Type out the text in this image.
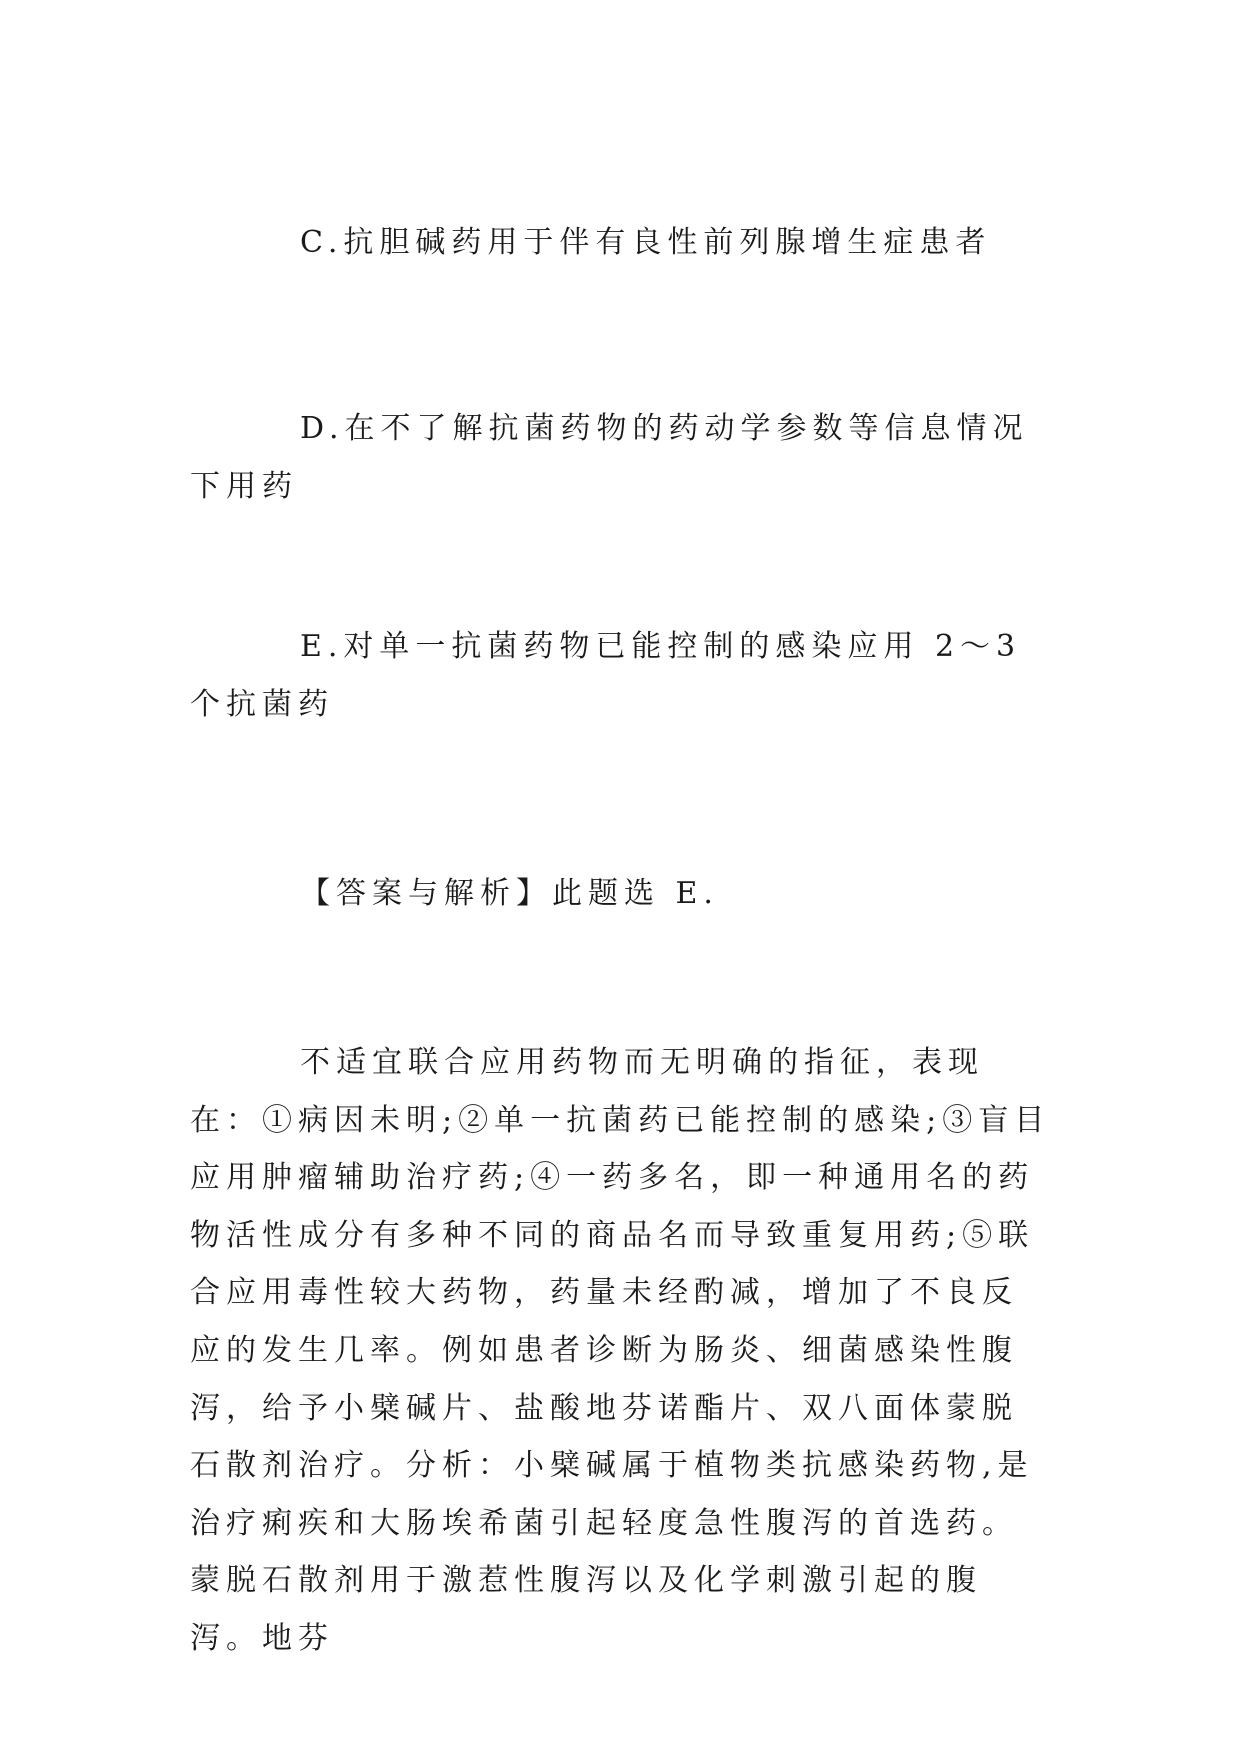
C.抗胆碱药用于伴有良性前列腺增生症患者

D.在不了解抗菌药物的药动学参数等信息情况下用药

E.对单一抗菌药物已能控制的感染应用 2～3 个抗菌药

【答案与解析】此题选 E.

不适宜联合应用药物而无明确的指征，表现在：①病因未明;②单一抗菌药已能控制的感染;③盲目应用肿瘤辅助治疗药;④一药多名，即一种通用名的药物活性成分有多种不同的商品名而导致重复用药;⑤联合应用毒性较大药物，药量未经酌减，增加了不良反应的发生几率。例如患者诊断为肠炎、细菌感染性腹泻，给予小檗碱片、盐酸地芬诺酯片、双八面体蒙脱石散剂治疗。分析：小檗碱属于植物类抗感染药物,是治疗痢疾和大肠埃希菌引起轻度急性腹泻的首选药。蒙脱石散剂用于激惹性腹泻以及化学刺激引起的腹泻。地芬
